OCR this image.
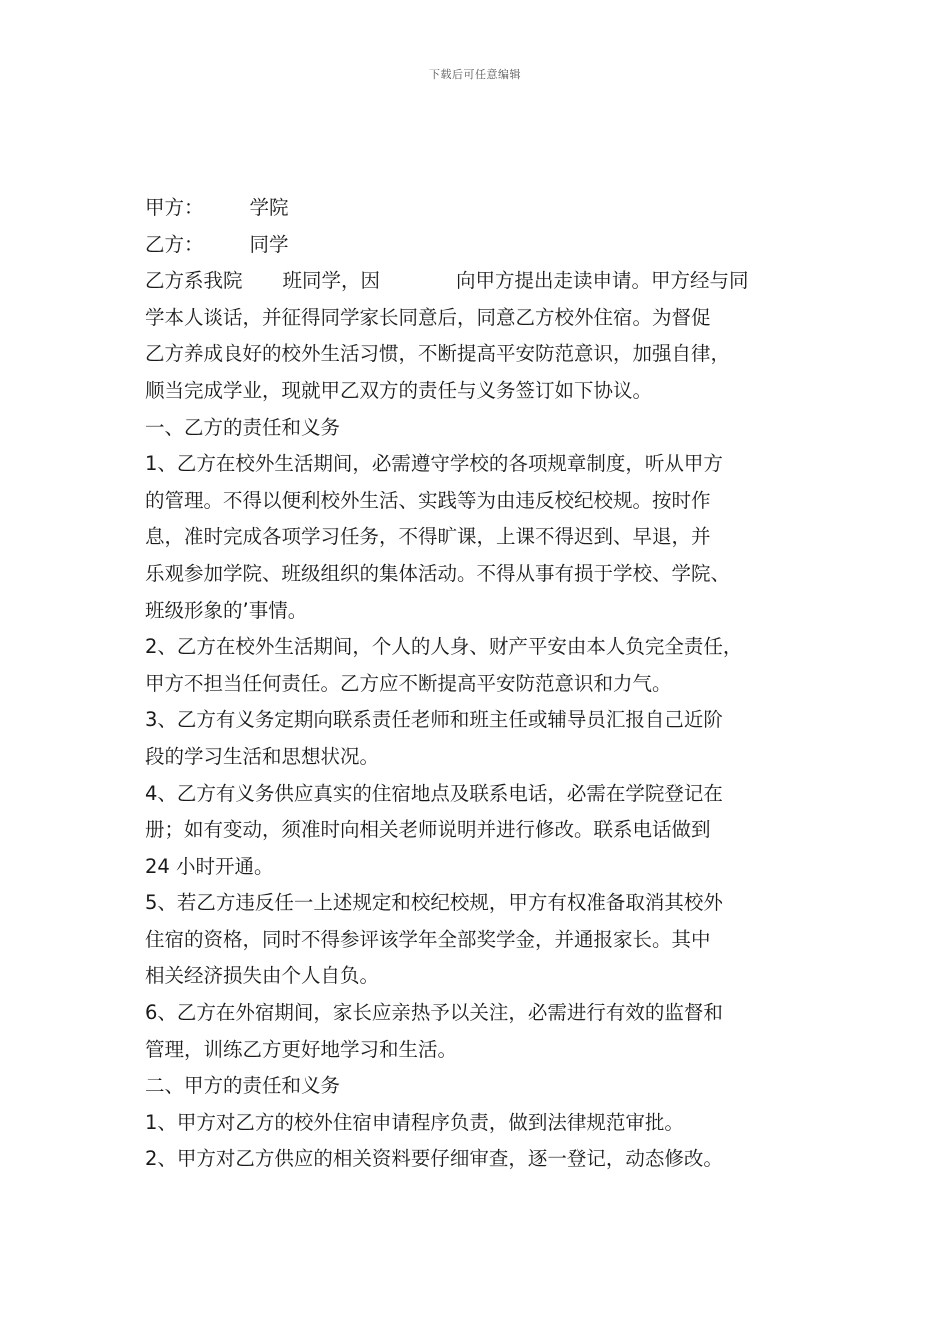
下载后可任意编辑
甲方： 学院
乙方： 同学
乙方系我院 班同学，因	向甲方提出走读申请。甲方经与同
学本人谈话，并征得同学家长同意后，同意乙方校外住宿。为督促
乙方养成良好的校外生活习惯，不断提高平安防范意识，加强自律，
顺当完成学业，现就甲乙双方的责任与义务签订如下协议。
一、乙方的责任和义务
1、乙方在校外生活期间，必需遵守学校的各项规章制度，听从甲方
的管理。不得以便利校外生活、实践等为由违反校纪校规。按时作
息，准时完成各项学习任务，不得旷课，上课不得迟到、早退，并
乐观参加学院、班级组织的集体活动。不得从事有损于学校、学院、
班级形象的’事情。
2、乙方在校外生活期间，个人的人身、财产平安由本人负完全责任，
甲方不担当任何责任。乙方应不断提高平安防范意识和力气。
3、乙方有义务定期向联系责任老师和班主任或辅导员汇报自己近阶
段的学习生活和思想状况。
4、乙方有义务供应真实的住宿地点及联系电话，必需在学院登记在
册；如有变动，须准时向相关老师说明并进行修改。联系电话做到
24 小时开通。
5、若乙方违反任一上述规定和校纪校规，甲方有权准备取消其校外
住宿的资格，同时不得参评该学年全部奖学金，并通报家长。其中
相关经济损失由个人自负。
6、乙方在外宿期间，家长应亲热予以关注，必需进行有效的监督和
管理，训练乙方更好地学习和生活。
二、甲方的责任和义务
1、甲方对乙方的校外住宿申请程序负责，做到法律规范审批。
2、甲方对乙方供应的相关资料要仔细审查，逐一登记，动态修改。
